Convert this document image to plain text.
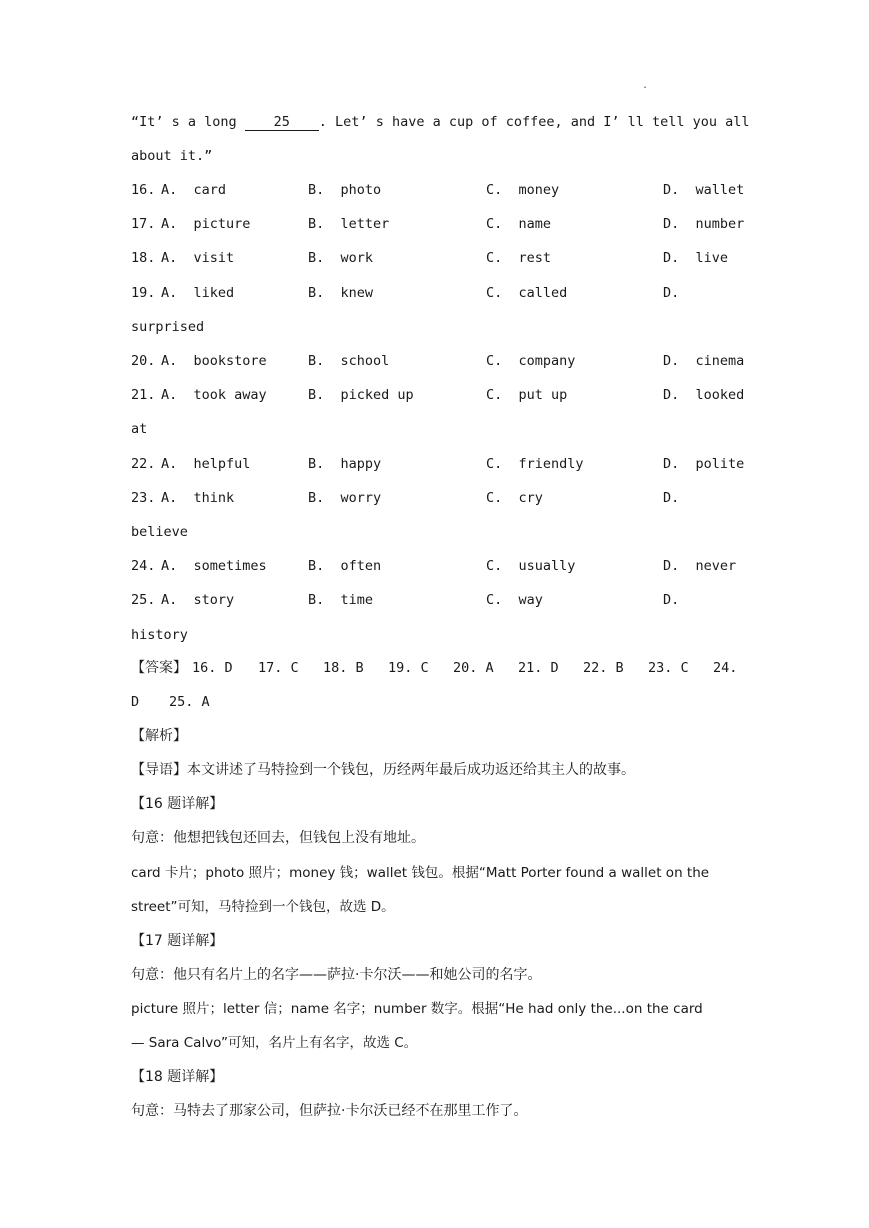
.
“It’ s a long 25 . Let’ s have a cup of coffee, and I’ ll tell you all
about it.”
16. A.  card	B.  photo	C.  money	D.  wallet
17. A.  picture	B.  letter	C.  name	D.  number
18. A.  visit	B.  work	C.  rest	D.  live
19. A.  liked	B.  knew	C.  called	D.
surprised
20. A.  bookstore	B.  school	C.  company	D.  cinema
21. A.  took away	B.  picked up	C.  put up	D.  looked
at
22. A.  helpful	B.  happy	C.  friendly	D.  polite
23. A.  think	B.  worry	C.  cry	D.
believe
24. A.  sometimes	B.  often	C.  usually	D.  never
25. A.  story	B.  time	C.  way	D.
history
【答案】 16. D 17. C 18. B 19. C 20. A 21. D 22. B 23. C 24.
D 25. A
【解析】
【导语】本文讲述了马特捡到一个钱包，历经两年最后成功返还给其主人的故事。
【16 题详解】
句意：他想把钱包还回去，但钱包上没有地址。
card 卡片；photo 照片；money 钱；wallet 钱包。根据“Matt Porter found a wallet on the
street”可知，马特捡到一个钱包，故选 D。
【17 题详解】
句意：他只有名片上的名字——萨拉·卡尔沃——和她公司的名字。
picture 照片；letter 信；name 名字；number 数字。根据“He had only the...on the card
— Sara Calvo”可知，名片上有名字，故选 C。
【18 题详解】
句意：马特去了那家公司，但萨拉·卡尔沃已经不在那里工作了。
